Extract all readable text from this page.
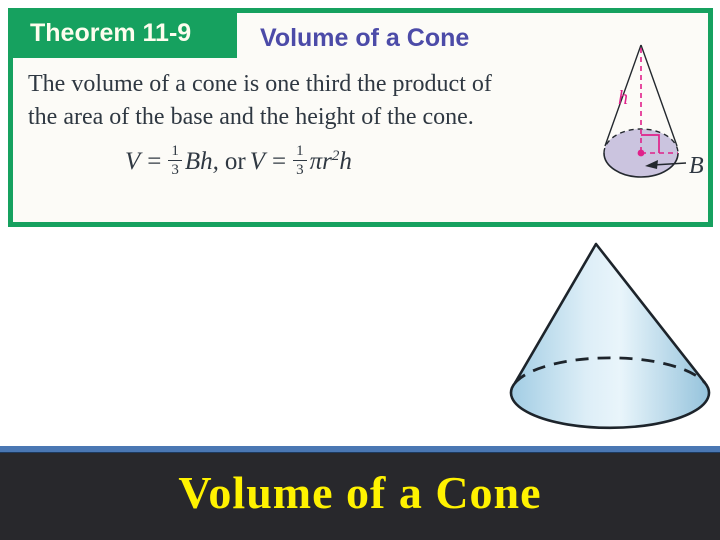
Theorem 11-9	Volume of a Cone
The volume of a cone is one third the product of
the area of the base and the height of the cone.
$V = \frac{1}{3} Bh$, or $V = \frac{1}{3} \pi r^2h$
h
B
Volume of a Cone
